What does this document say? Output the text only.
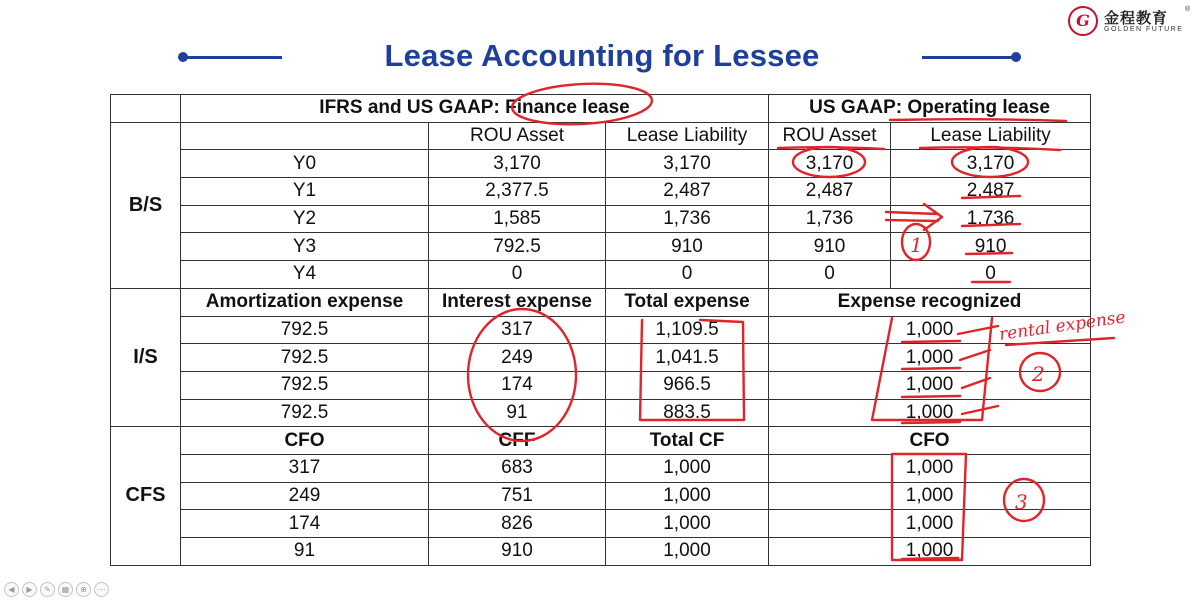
G 金程教育
GOLDEN FUTURE
®
Lease Accounting for Lessee
	IFRS and US GAAP: Finance lease			US GAAP: Operating lease	
B/S		ROU Asset	Lease Liability	ROU Asset	Lease Liability
	Y0	3,170	3,170	3,170	3,170
	Y1	2,377.5	2,487	2,487	2,487
	Y2	1,585	1,736	1,736	1,736
	Y3	792.5	910	910	910
	Y4	0	0	0	0
I/S	Amortization expense	Interest expense	Total expense	Expense recognized	
	792.5	317	1,109.5	1,000	
	792.5	249	1,041.5	1,000	
	792.5	174	966.5	1,000	
	792.5	91	883.5	1,000	
CFS	CFO	CFF	Total CF	CFO	
	317	683	1,000	1,000	
	249	751	1,000	1,000	
	174	826	1,000	1,000	
	91	910	1,000	1,000	
1
rental expense
2
3
◀	▶	✎	▦	⊕	⋯
